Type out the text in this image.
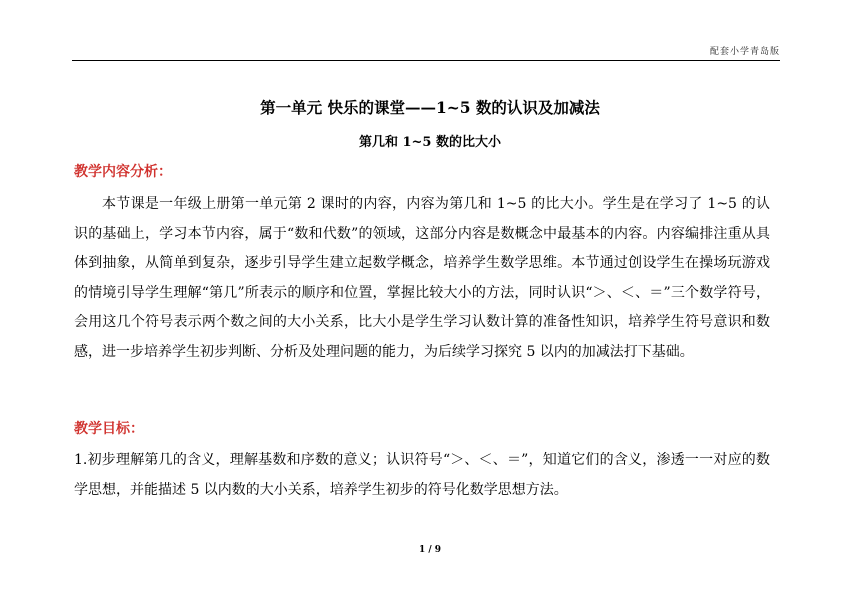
配套小学青岛版
第一单元 快乐的课堂——1~5 数的认识及加减法
第几和 1~5 数的比大小
教学内容分析：
本节课是一年级上册第一单元第 2 课时的内容，内容为第几和 1~5 的比大小。学生是在学习了 1~5 的认识的基础上，学习本节内容，属于“数和代数”的领域，这部分内容是数概念中最基本的内容。内容编排注重从具体到抽象，从简单到复杂，逐步引导学生建立起数学概念，培养学生数学思维。本节通过创设学生在操场玩游戏的情境引导学生理解“第几”所表示的顺序和位置，掌握比较大小的方法，同时认识“＞、＜、＝”三个数学符号，会用这几个符号表示两个数之间的大小关系，比大小是学生学习认数计算的准备性知识，培养学生符号意识和数感，进一步培养学生初步判断、分析及处理问题的能力，为后续学习探究 5 以内的加减法打下基础。
教学目标：
1.初步理解第几的含义，理解基数和序数的意义；认识符号“＞、＜、＝”，知道它们的含义，渗透一一对应的数学思想，并能描述 5 以内数的大小关系，培养学生初步的符号化数学思想方法。
1 / 9
